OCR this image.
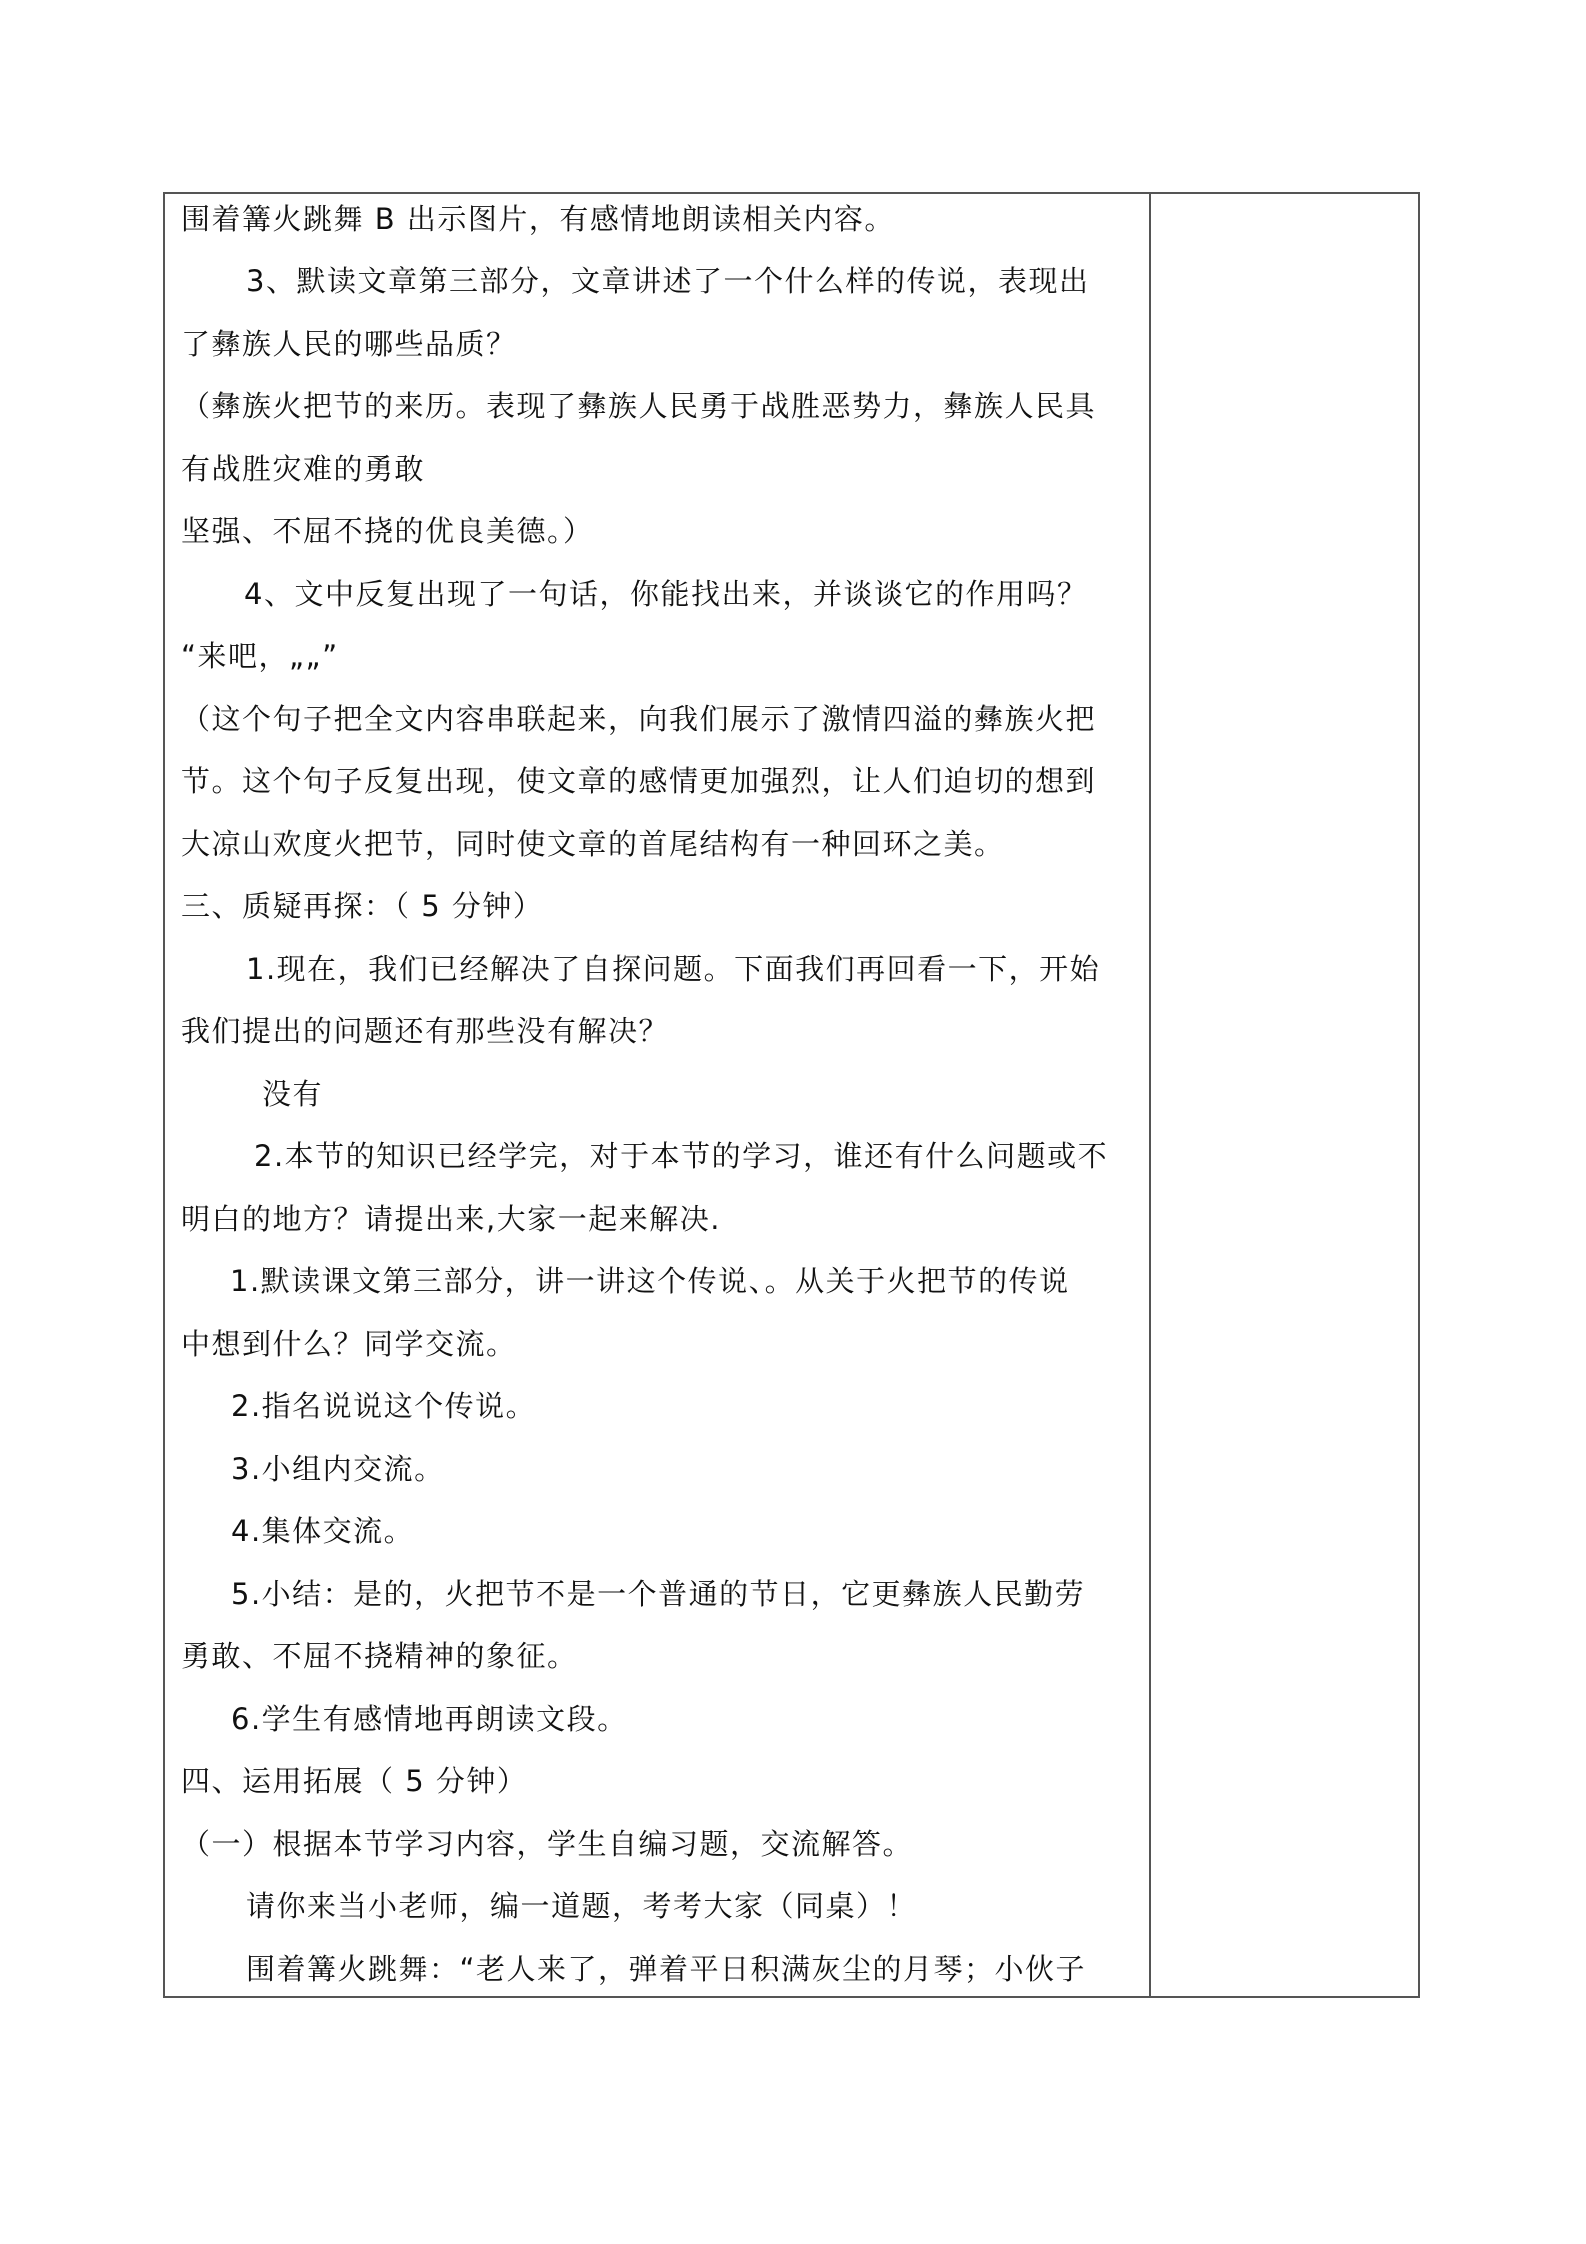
围着篝火跳舞 B 出示图片，有感情地朗读相关内容。
3、默读文章第三部分，文章讲述了一个什么样的传说，表现出
了彝族人民的哪些品质？
（彝族火把节的来历。表现了彝族人民勇于战胜恶势力，彝族人民具
有战胜灾难的勇敢
坚强、不屈不挠的优良美德。）
4、文中反复出现了一句话，你能找出来，并谈谈它的作用吗？
“来吧，„„”
（这个句子把全文内容串联起来，向我们展示了激情四溢的彝族火把
节。这个句子反复出现，使文章的感情更加强烈，让人们迫切的想到
大凉山欢度火把节，同时使文章的首尾结构有一种回环之美。
三、质疑再探：（ 5 分钟）
1.现在，我们已经解决了自探问题。下面我们再回看一下，开始
我们提出的问题还有那些没有解决？
没有
2.本节的知识已经学完，对于本节的学习，谁还有什么问题或不
明白的地方？请提出来,大家一起来解决.
1.默读课文第三部分，讲一讲这个传说、。从关于火把节的传说
中想到什么？同学交流。
2.指名说说这个传说。
3.小组内交流。
4.集体交流。
5.小结：是的，火把节不是一个普通的节日，它更彝族人民勤劳
勇敢、不屈不挠精神的象征。
6.学生有感情地再朗读文段。
四、运用拓展（ 5 分钟）
（一）根据本节学习内容，学生自编习题，交流解答。
请你来当小老师，编一道题，考考大家（同桌）！
围着篝火跳舞：“老人来了，弹着平日积满灰尘的月琴；小伙子
